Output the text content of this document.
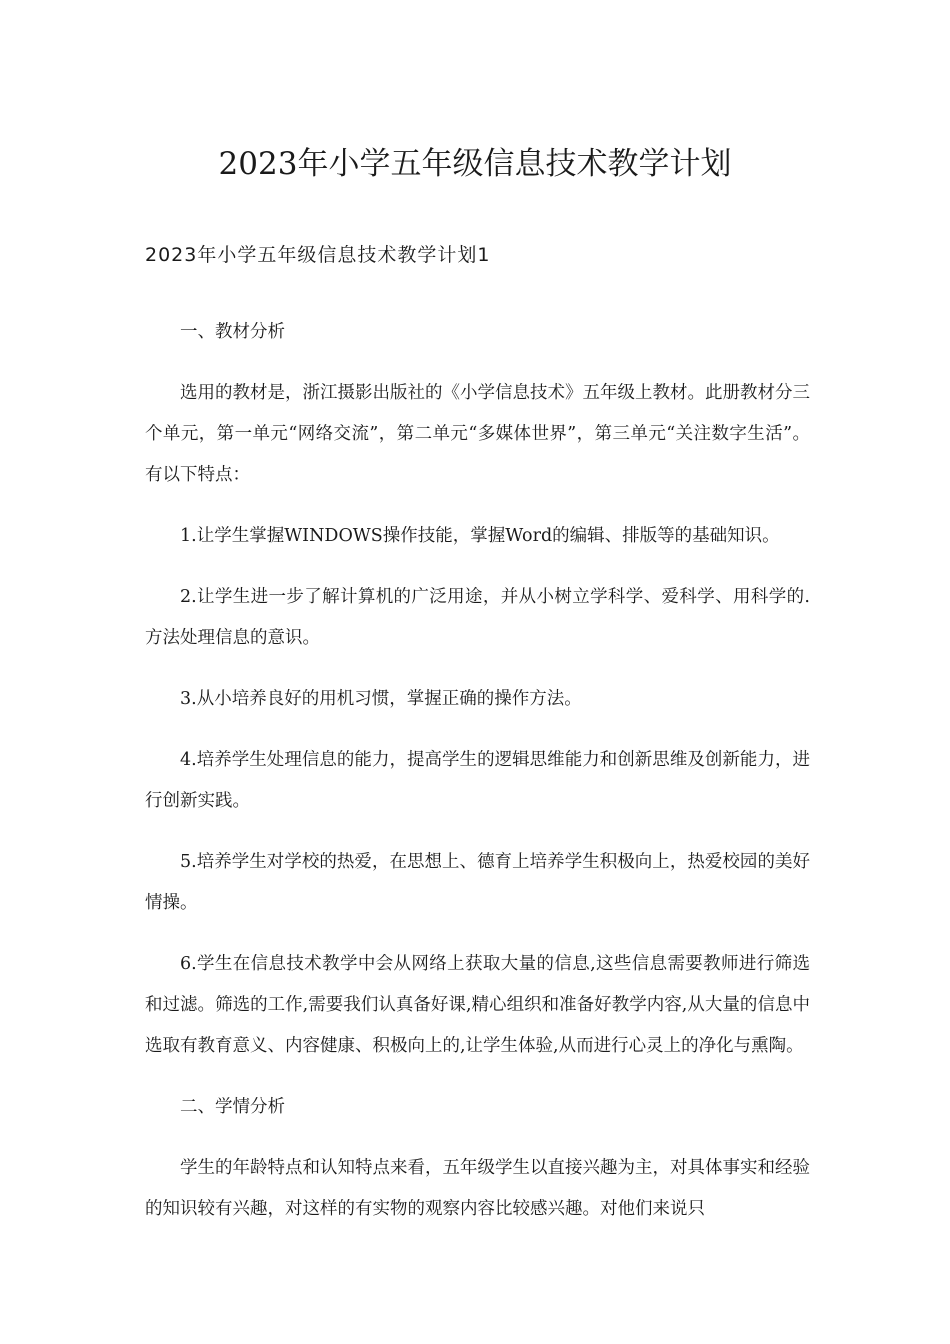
2023年小学五年级信息技术教学计划
2023年小学五年级信息技术教学计划1

一、教材分析

选用的教材是，浙江摄影出版社的《小学信息技术》五年级上教材。此册教材分三个单元，第一单元“网络交流”，第二单元“多媒体世界”，第三单元“关注数字生活”。有以下特点：

1.让学生掌握WINDOWS操作技能，掌握Word的编辑、排版等的基础知识。

2.让学生进一步了解计算机的广泛用途，并从小树立学科学、爱科学、用科学的.方法处理信息的意识。

3.从小培养良好的用机习惯，掌握正确的操作方法。

4.培养学生处理信息的能力，提高学生的逻辑思维能力和创新思维及创新能力，进行创新实践。

5.培养学生对学校的热爱，在思想上、德育上培养学生积极向上，热爱校园的美好情操。

6.学生在信息技术教学中会从网络上获取大量的信息,这些信息需要教师进行筛选和过滤。筛选的工作,需要我们认真备好课,精心组织和准备好教学内容,从大量的信息中选取有教育意义、内容健康、积极向上的,让学生体验,从而进行心灵上的净化与熏陶。

二、学情分析

学生的年龄特点和认知特点来看，五年级学生以直接兴趣为主，对具体事实和经验的知识较有兴趣，对这样的有实物的观察内容比较感兴趣。对他们来说只
